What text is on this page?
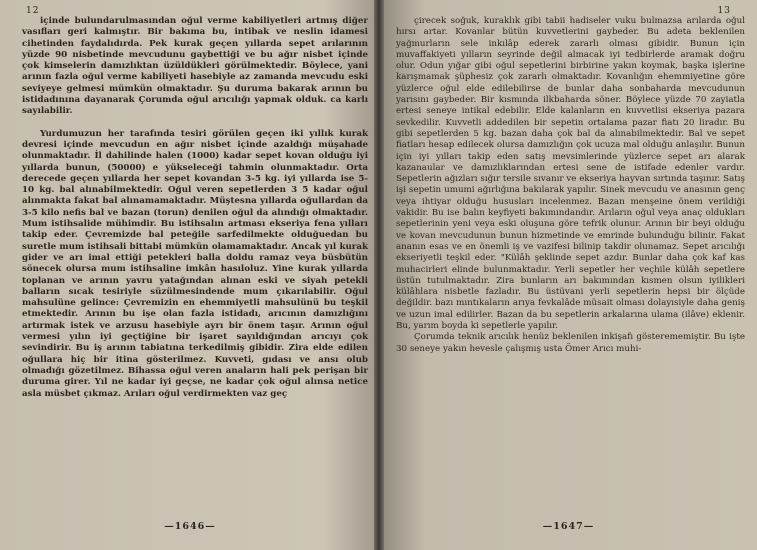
12

içinde bulundarulmasından oğul verme kabiliyetleri artmış diğer vasıfları geri kalmıştır. Bir bakıma bu, intibak ve neslin idamesi cihetinden faydalıdırda. Pek kurak geçen yıllarda sepet arılarının yüzde 90 nisbetinde mevcudunu gaybettiği ve bu ağır nisbet içinde çok kimselerin damızlıktan üzüldükleri görülmektedir. Böylece, yani arının fazla oğul verme kabiliyeti hasebiyle az zamanda mevcudu eski seviyeye gelmesi mümkün olmaktadır. Şu duruma bakarak arının bu istidadınına dayanarak Çorumda oğul arıcılığı yapmak olduk. ca karlı sayılabilir.

Yurdumuzun her tarafında tesiri görülen geçen iki yıllık kurak devresi içinde mevcudun en ağır nisbet içinde azaldığı müşahade olunmaktadır. İl dahilinde halen (1000) kadar sepet kovan olduğu iyi yıllarda bunun, (50000) e yükseleceği tahmin olunmaktadır. Orta derecede geçen yıllarda her sepet kovandan 3-5 kg. iyi yıllarda ise 5-10 kg. bal alınabilmektedir. Oğul veren sepetlerden 3 5 kadar oğul alınmakta fakat bal alınamamaktadır. Müştesna yıllarda oğullardan da 3-5 kilo nefis bal ve bazan (torun) denilen oğul da alındığı olmaktadır. Mum istihsalide mühimdir. Bu istihsalın artması ekseriya fena yılları takip eder. Çevremizde bal peteğile sarfedilmekte olduğuedan bu suretle mum istihsali bittabi mümkün olamamaktadır. Ancak yıl kurak gider ve arı imal ettiği petekleri balla doldu ramaz veya büsbütün sönecek olursa mum istihsaline imkân hasıloluz. Yine kurak yıllarda toplanan ve arının yavru yatağından alınan eski ve siyah petekli balların sıcak tesiriyle süzülmesindende mum çıkarılabilir. Oğul mahsulüne gelince: Çevremizin en ehemmiyetli mahsulünü bu teşkil etmektedir. Arının bu işe olan fazla istidadı, arıcının damızlığını artırmak istek ve arzusu hasebiyle ayrı bir önem taşır. Arının oğul vermesi yılın iyi geçtiğine bir işaret sayıldığından arıcıyı çok sevindirir. Bu iş arının tabiatına terkedilmiş gibidir. Zira elde edilen oğullara hiç bir itina gösterilmez. Kuvveti, gıdası ve ansı olub olmadığı gözetilmez. Bihassa oğul veren anaların hali pek perişan bir duruma girer. Yıl ne kadar iyi geçse, ne kadar çok oğul alınsa netice asla müsbet çıkmaz. Arıları oğul verdirmekten vaz geç

—1646—
13

çirecek soğuk, kuraklık gibi tabii hadiseler vuku bulmazsa arılarda oğul hırsı artar. Kovanlar bütün kuvvetlerini gaybeder. Bu adeta beklenilen yağmurların sele inkılâp ederek zararlı olması gibidir. Bunun için muvaffakiyeti yılların seyrinde değil almacak iyi tedbirlerde aramak doğru olur. Odun yığar gibi oğul sepetlerini birbirine yakın koymak, başka işlerine karışmamak şüphesiz çok zararlı olmaktadır. Kovanlığın ehemmiyetine göre yüzlerce oğul elde edilebilirse de bunlar daha sonbaharda mevcudunun yarısını gaybeder. Bir kısmında ilkbaharda söner. Böylece yüzde 70 zayiatla ertesi seneye intikal edebilir. Elde kalanların en kuvvetlisi ekseriya pazara sevkedilir. Kuvvetli addedilen bir sepetin ortalama pazar fiatı 20 liradır. Bu gibi sepetlerden 5 kg. bazan daha çok bal da alınabilmektedir. Bal ve sepet fiatları hesap edilecek olursa damızlığın çok ucuza mal olduğu anlaşılır. Bunun için iyi yılları takip eden satış mevsimlerinde yüzlerce sepet arı alarak kazanaular ve damızlıklarından ertesi sene de istifade edenler vardır. Sepetlerin ağızları sığır tersile sıvanır ve ekseriya hayvan sırtında taşınır. Satış işi sepetin umumi ağırlığına bakılarak yapılır. Sinek mevcudu ve anasının genç veya ihtiyar olduğu hususları incelenmez. Bazan menşeine önem verildiği vakidir. Bu ise balın keyfiyeti bakımındandır. Arıların oğul veya anaç oldukları sepetlerinin yeni veya eski oluşuna göre tefrik olunur. Arının bir beyi olduğu ve kovan mevcudunun bunun hizmetinde ve emrinde bulunduğu bilinir. Fakat ananın esas ve en önemli iş ve vazifesi bilinip takdir olunamaz. Sepet arıcılığı ekseriyetli teşkil eder. "Külâh şeklinde sepet azdır. Bunlar daha çok kaf kas muhacirleri elinde bulunmaktadır. Yerli sepetler her veçhile külâh sepetlere üstün tutulmaktadır. Zira bunların arı bakımından kısmen olsun iyilikleri külâhlara nisbetle fazladır. Bu üstüvani yerli sepetlerin hepsi bir ölçüde değildir. bazı mıntıkaların arıya fevkalâde müsait olması dolayısiyle daha geniş ve uzun imal edilirler. Bazan da bu sepetlerin arkalarına ulama (ilâve) eklenir. Bu, yarım boyda ki sepetlerle yapılır.

Çorumda teknik arıcılık henüz beklenilen inkişafı gösterememiştir. Bu işte 30 seneye yakın hevesle çalışmış usta Ömer Arıcı muhi-

—1647—
